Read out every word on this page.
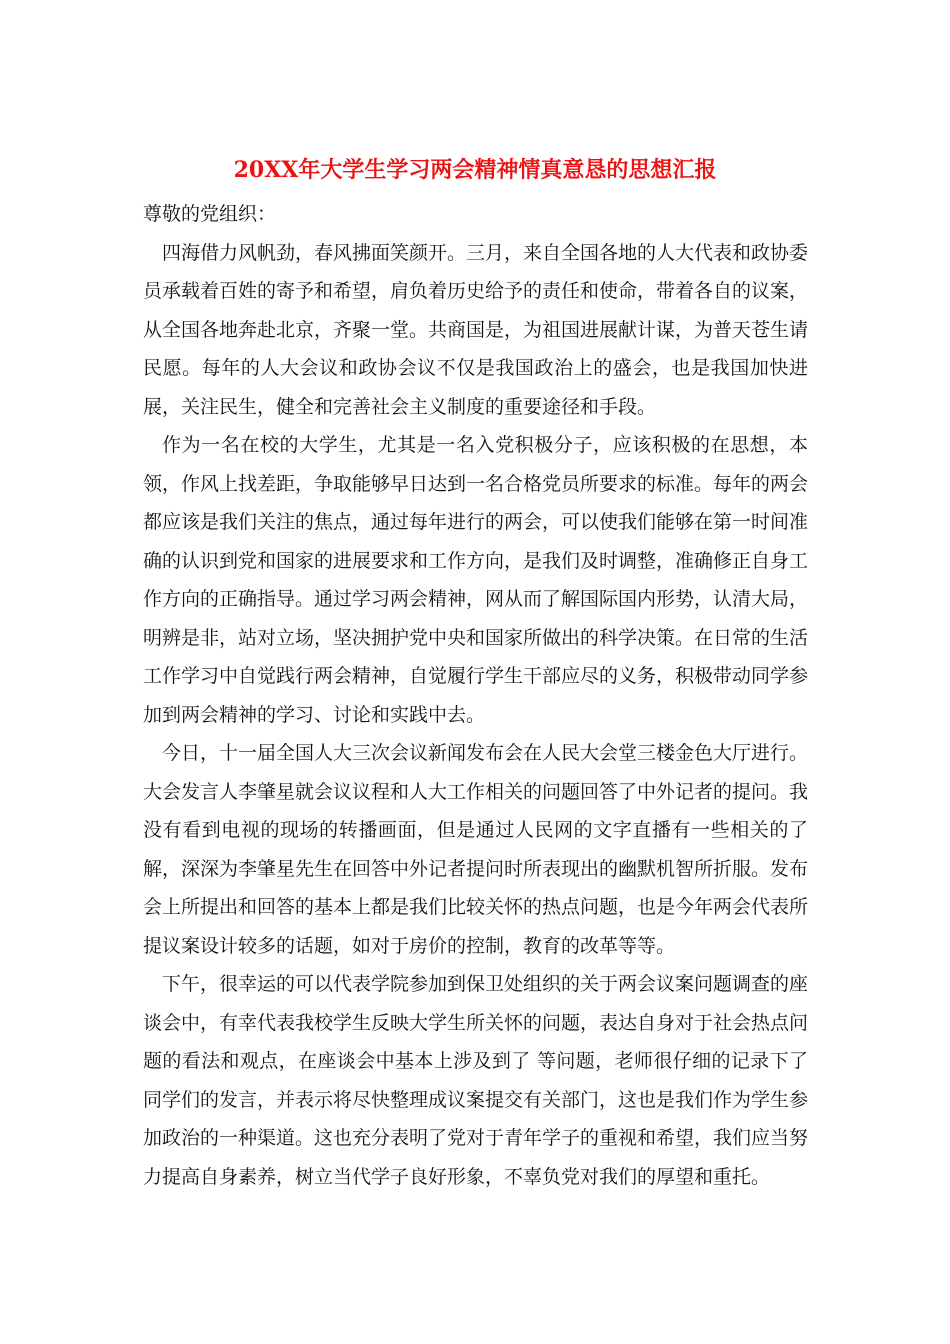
20XX年大学生学习两会精神情真意恳的思想汇报

尊敬的党组织：

四海借力风帆劲，春风拂面笑颜开。三月，来自全国各地的人大代表和政协委员承载着百姓的寄予和希望，肩负着历史给予的责任和使命，带着各自的议案，从全国各地奔赴北京，齐聚一堂。共商国是，为祖国进展献计谋，为普天苍生请民愿。每年的人大会议和政协会议不仅是我国政治上的盛会，也是我国加快进展，关注民生，健全和完善社会主义制度的重要途径和手段。

作为一名在校的大学生，尤其是一名入党积极分子，应该积极的在思想，本领，作风上找差距，争取能够早日达到一名合格党员所要求的标准。每年的两会都应该是我们关注的焦点，通过每年进行的两会，可以使我们能够在第一时间准确的认识到党和国家的进展要求和工作方向，是我们及时调整，准确修正自身工作方向的正确指导。通过学习两会精神，网从而了解国际国内形势，认清大局，明辨是非，站对立场，坚决拥护党中央和国家所做出的科学决策。在日常的生活工作学习中自觉践行两会精神，自觉履行学生干部应尽的义务，积极带动同学参加到两会精神的学习、讨论和实践中去。

今日，十一届全国人大三次会议新闻发布会在人民大会堂三楼金色大厅进行。大会发言人李肇星就会议议程和人大工作相关的问题回答了中外记者的提问。我没有看到电视的现场的转播画面，但是通过人民网的文字直播有一些相关的了解，深深为李肇星先生在回答中外记者提问时所表现出的幽默机智所折服。发布会上所提出和回答的基本上都是我们比较关怀的热点问题，也是今年两会代表所提议案设计较多的话题，如对于房价的控制，教育的改革等等。

下午，很幸运的可以代表学院参加到保卫处组织的关于两会议案问题调查的座谈会中，有幸代表我校学生反映大学生所关怀的问题，表达自身对于社会热点问题的看法和观点，在座谈会中基本上涉及到了 等问题，老师很仔细的记录下了同学们的发言，并表示将尽快整理成议案提交有关部门，这也是我们作为学生参加政治的一种渠道。这也充分表明了党对于青年学子的重视和希望，我们应当努力提高自身素养，树立当代学子良好形象，不辜负党对我们的厚望和重托。
